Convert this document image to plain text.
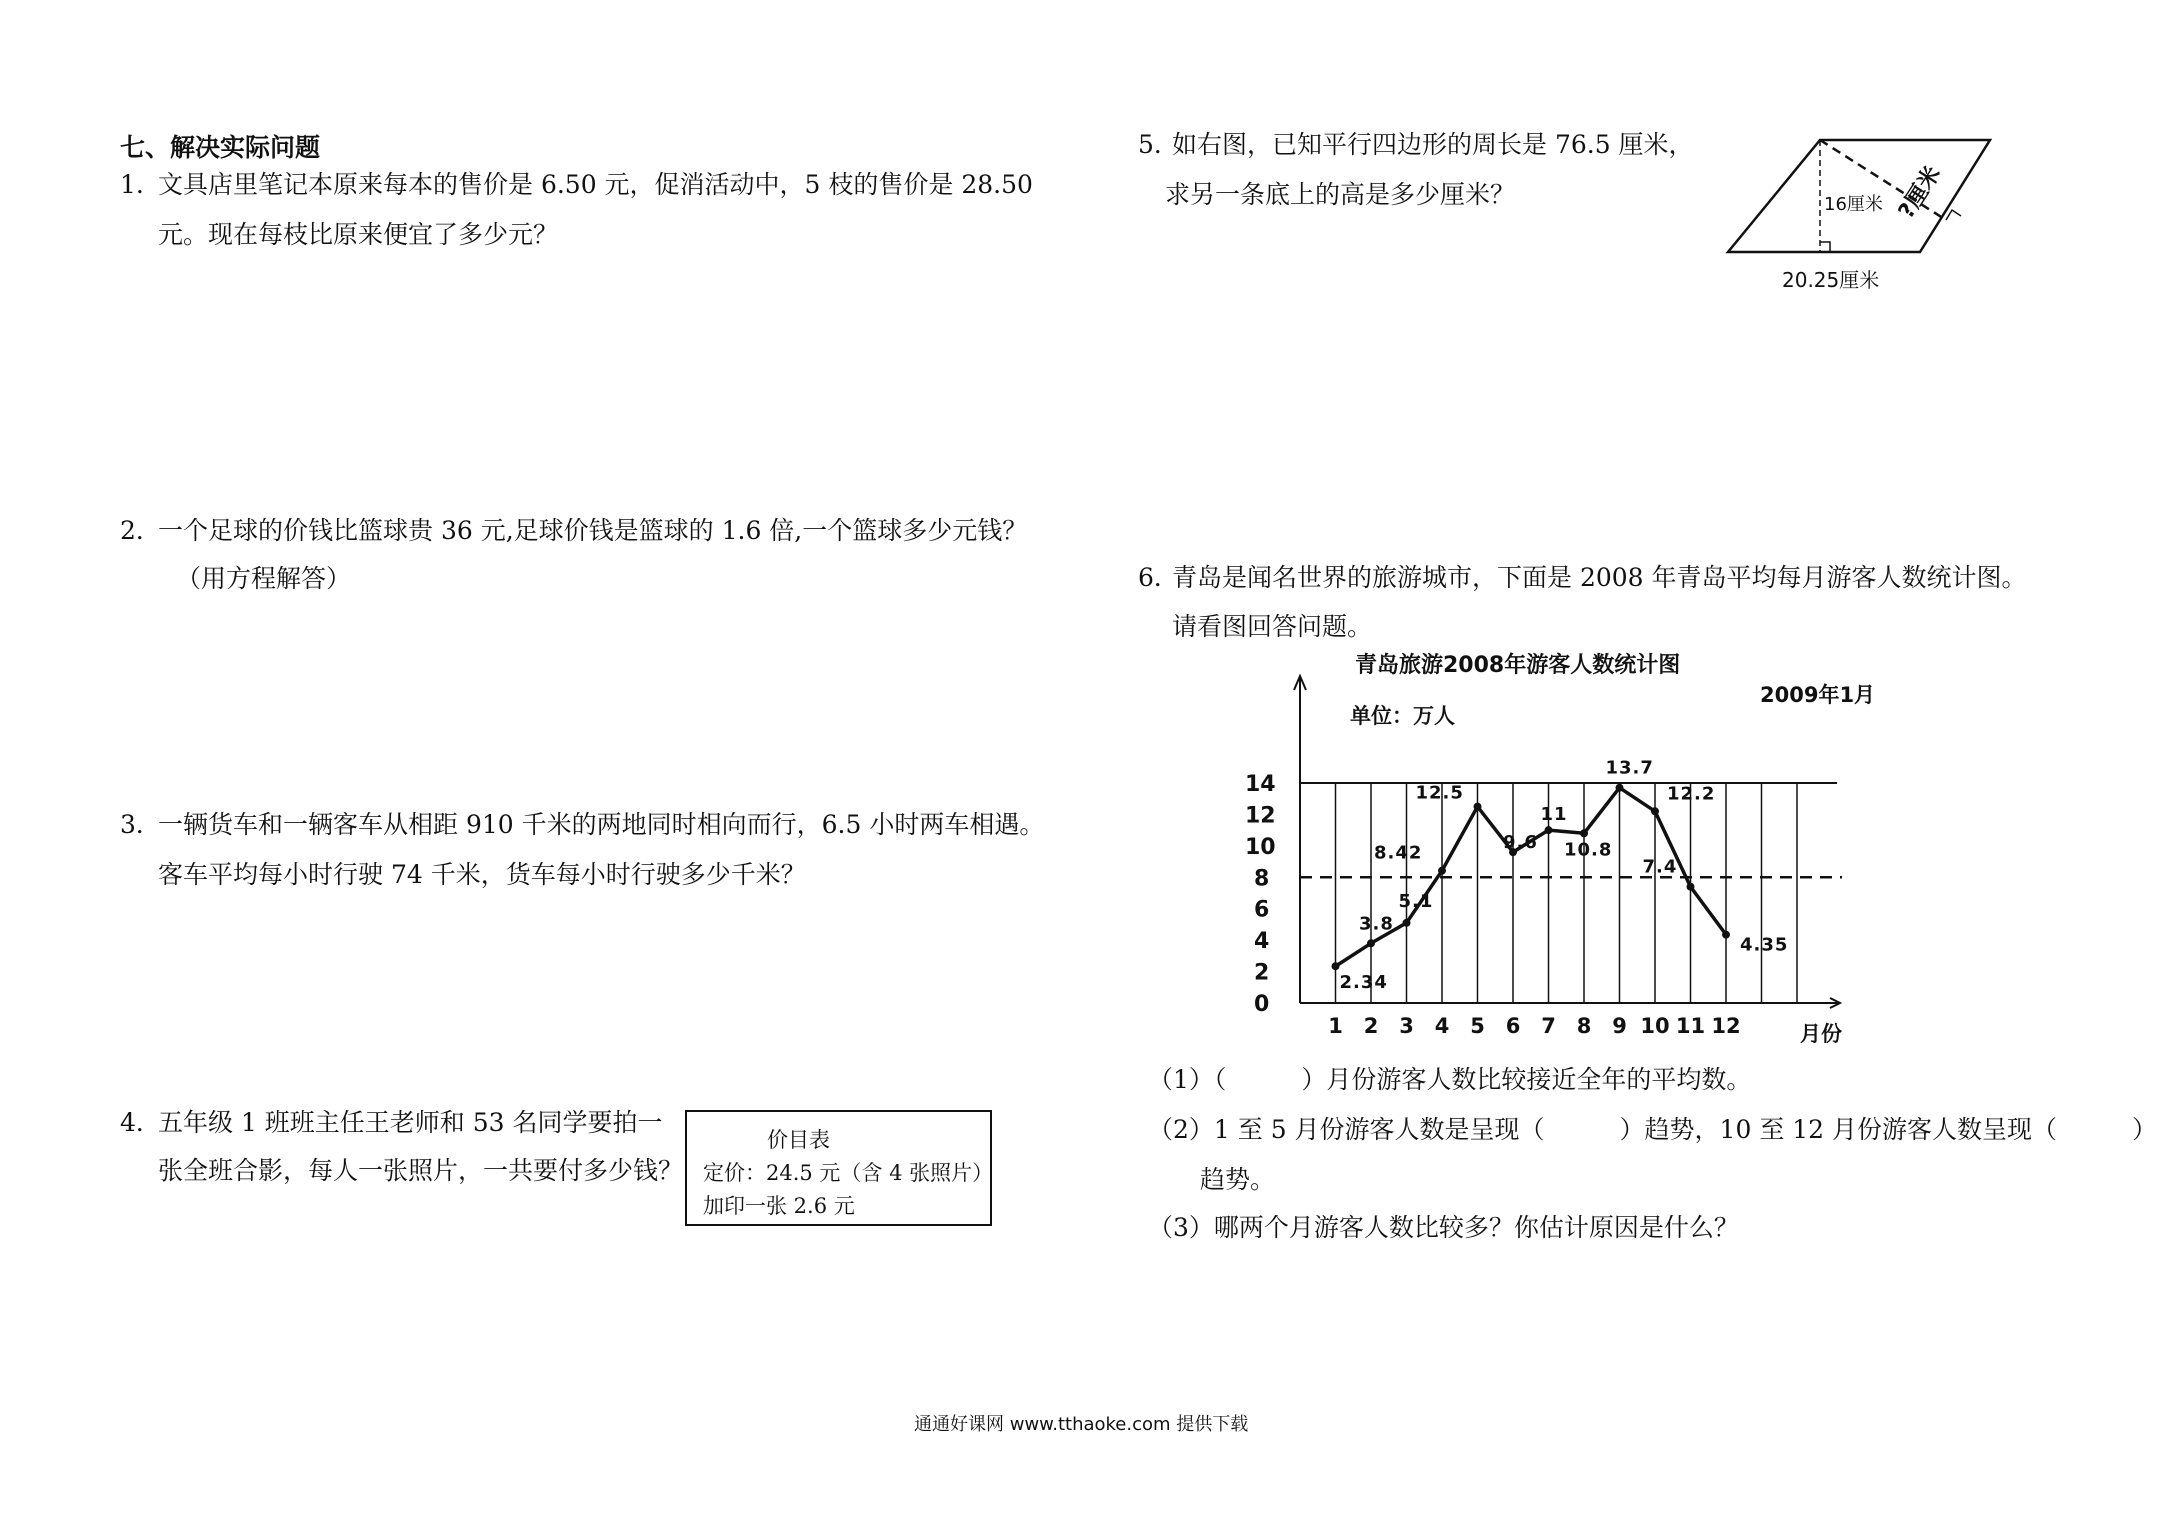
七、解决实际问题
1. 文具店里笔记本原来每本的售价是 6.50 元，促消活动中，5 枝的售价是 28.50
元。现在每枝比原来便宜了多少元？
2．
一个足球的价钱比篮球贵 36 元,足球价钱是篮球的 1.6 倍,一个篮球多少元钱？
（用方程解答）
3．
一辆货车和一辆客车从相距 910 千米的两地同时相向而行，6.5 小时两车相遇。
客车平均每小时行驶 74 千米，货车每小时行驶多少千米？
4．
五年级 1 班班主任王老师和 53 名同学要拍一
张全班合影，每人一张照片，一共要付多少钱？
价目表
定价：24.5 元（含 4 张照片）
加印一张 2.6 元
5．
如右图，已知平行四边形的周长是 76.5 厘米，
求另一条底上的高是多少厘米？	16厘米 ?厘米
20.25厘米
6．
青岛是闻名世界的旅游城市，下面是 2008 年青岛平均每月游客人数统计图。
请看图回答问题。
青岛旅游2008年游客人数统计图
2009年1月
单位：万人
月份
0
2
4
6
8
10
12
14
1 2 3 4 5 6 7 8 9 10 11 12
2.34
3.8
5.1
8.42
12.5
9.6
11
10.8
13.7
12.2
7.4
4.35
（1）（　　　）月份游客人数比较接近全年的平均数。
（2）1 至 5 月份游客人数是呈现（　　　）趋势，10 至 12 月份游客人数呈现（　　　）
趋势。
（3）哪两个月游客人数比较多？你估计原因是什么？
通通好课网 www.tthaoke.com 提供下载
